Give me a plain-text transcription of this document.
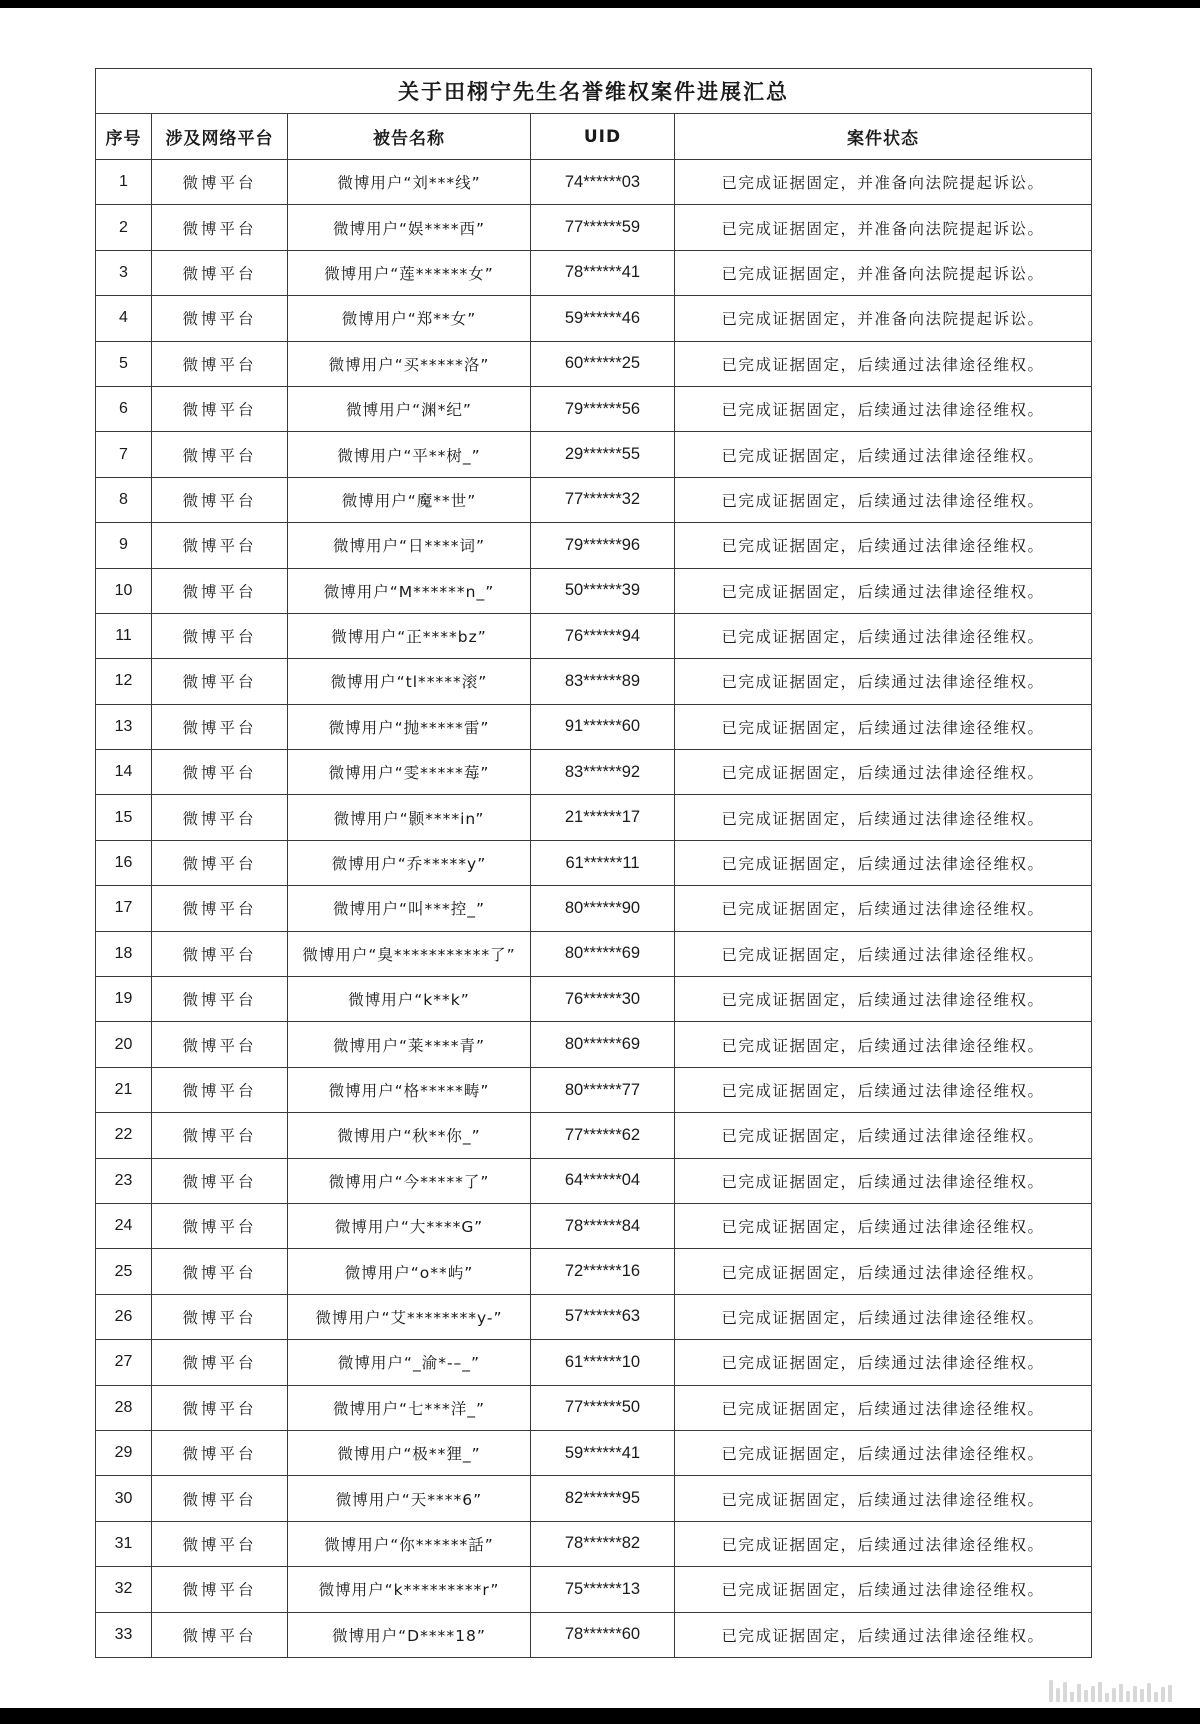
关于田栩宁先生名誉维权案件进展汇总				
序号	涉及网络平台	被告名称	UID	案件状态
1	微博平台	微博用户“刘***线”	74******03	已完成证据固定，并准备向法院提起诉讼。
2	微博平台	微博用户“娱****西”	77******59	已完成证据固定，并准备向法院提起诉讼。
3	微博平台	微博用户“莲******女”	78******41	已完成证据固定，并准备向法院提起诉讼。
4	微博平台	微博用户“郑**女”	59******46	已完成证据固定，并准备向法院提起诉讼。
5	微博平台	微博用户“买*****洛”	60******25	已完成证据固定，后续通过法律途径维权。
6	微博平台	微博用户“渊*纪”	79******56	已完成证据固定，后续通过法律途径维权。
7	微博平台	微博用户“平**树_”	29******55	已完成证据固定，后续通过法律途径维权。
8	微博平台	微博用户“魔**世”	77******32	已完成证据固定，后续通过法律途径维权。
9	微博平台	微博用户“日****词”	79******96	已完成证据固定，后续通过法律途径维权。
10	微博平台	微博用户“M******n_”	50******39	已完成证据固定，后续通过法律途径维权。
11	微博平台	微博用户“正****bz”	76******94	已完成证据固定，后续通过法律途径维权。
12	微博平台	微博用户“tl*****滚”	83******89	已完成证据固定，后续通过法律途径维权。
13	微博平台	微博用户“抛*****雷”	91******60	已完成证据固定，后续通过法律途径维权。
14	微博平台	微博用户“雯*****莓”	83******92	已完成证据固定，后续通过法律途径维权。
15	微博平台	微博用户“颢****in”	21******17	已完成证据固定，后续通过法律途径维权。
16	微博平台	微博用户“乔*****y”	61******11	已完成证据固定，后续通过法律途径维权。
17	微博平台	微博用户“叫***控_”	80******90	已完成证据固定，后续通过法律途径维权。
18	微博平台	微博用户“臭***********了”	80******69	已完成证据固定，后续通过法律途径维权。
19	微博平台	微博用户“k**k”	76******30	已完成证据固定，后续通过法律途径维权。
20	微博平台	微博用户“莱****青”	80******69	已完成证据固定，后续通过法律途径维权。
21	微博平台	微博用户“格*****畴”	80******77	已完成证据固定，后续通过法律途径维权。
22	微博平台	微博用户“秋**你_”	77******62	已完成证据固定，后续通过法律途径维权。
23	微博平台	微博用户“今*****了”	64******04	已完成证据固定，后续通过法律途径维权。
24	微博平台	微博用户“大****G”	78******84	已完成证据固定，后续通过法律途径维权。
25	微博平台	微博用户“o**屿”	72******16	已完成证据固定，后续通过法律途径维权。
26	微博平台	微博用户“艾********y-”	57******63	已完成证据固定，后续通过法律途径维权。
27	微博平台	微博用户“_渝*-–_”	61******10	已完成证据固定，后续通过法律途径维权。
28	微博平台	微博用户“七***洋_”	77******50	已完成证据固定，后续通过法律途径维权。
29	微博平台	微博用户“极**狸_”	59******41	已完成证据固定，后续通过法律途径维权。
30	微博平台	微博用户“天****6”	82******95	已完成证据固定，后续通过法律途径维权。
31	微博平台	微博用户“你******話”	78******82	已完成证据固定，后续通过法律途径维权。
32	微博平台	微博用户“k*********r”	75******13	已完成证据固定，后续通过法律途径维权。
33	微博平台	微博用户“D****18”	78******60	已完成证据固定，后续通过法律途径维权。
